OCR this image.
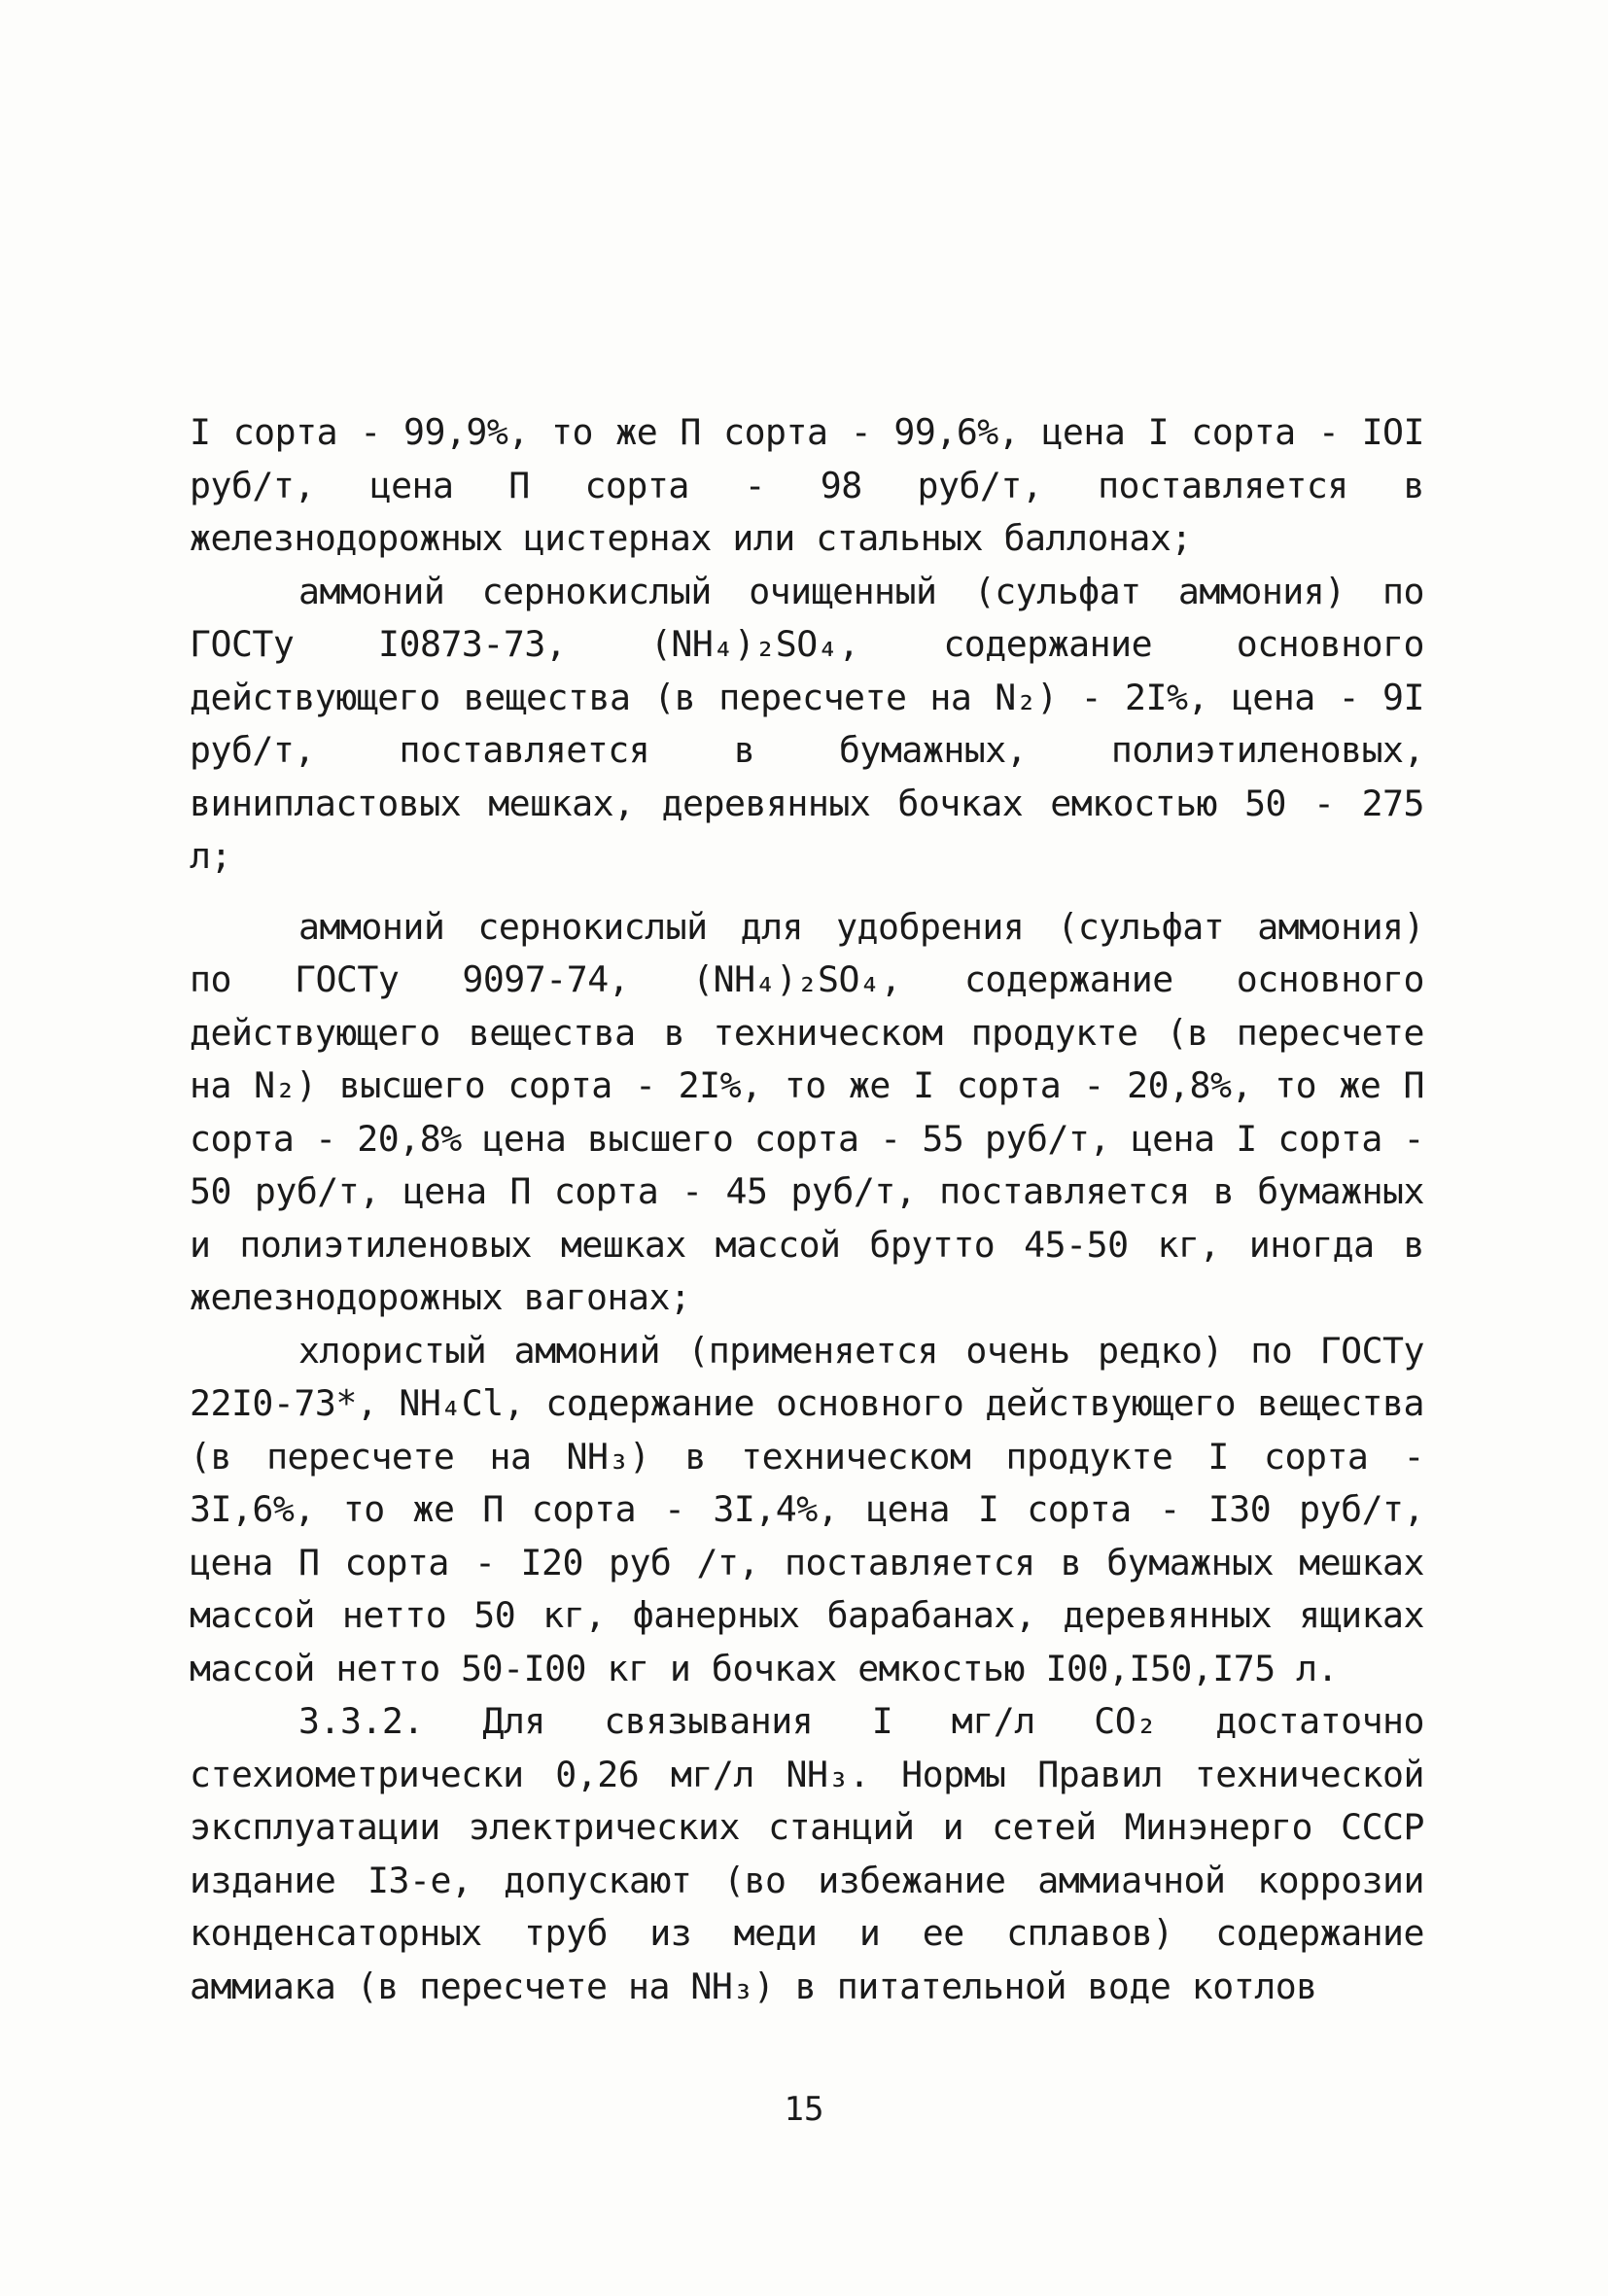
I сорта - 99,9%, то же П сорта - 99,6%, цена I сорта - IOI руб/т, цена П сорта - 98 руб/т, поставляется в железнодорожных цистернах или стальных баллонах;

аммоний сернокислый очищенный (сульфат аммония) по ГОСТу I0873-73, (NH₄)₂SO₄, содержание основного действующего вещества (в пересчете на N₂) - 2I%, цена - 9I руб/т, поставляется в бумажных, полиэтиленовых, винипластовых мешках, деревянных бочках емкостью 50 - 275 л;

аммоний сернокислый для удобрения (сульфат аммония) по ГОСТу 9097-74, (NH₄)₂SO₄, содержание основного действующего вещества в техническом продукте (в пересчете на N₂) высшего сорта - 2I%, то же I сорта - 20,8%, то же П сорта - 20,8% цена высшего сорта - 55 руб/т, цена I сорта - 50 руб/т, цена П сорта - 45 руб/т, поставляется в бумажных и полиэтиленовых мешках массой брутто 45-50 кг, иногда в железнодорожных вагонах;

хлористый аммоний (применяется очень редко) по ГОСТу 22I0-73*, NH₄Cl, содержание основного действующего вещества (в пересчете на NH₃) в техническом продукте I сорта - 3I,6%, то же П сорта - 3I,4%, цена I сорта - I30 руб/т, цена П сорта - I20 руб /т, поставляется в бумажных мешках массой нетто 50 кг, фанерных барабанах, деревянных ящиках массой нетто 50-I00 кг и бочках емкостью I00,I50,I75 л.

3.3.2. Для связывания I мг/л CO₂ достаточно стехиометрически 0,26 мг/л NH₃. Нормы Правил технической эксплуатации электрических станций и сетей Минэнерго СССР издание I3-е, допускают (во избежание аммиачной коррозии конденсаторных труб из меди и ее сплавов) содержание аммиака (в пересчете на NH₃) в питательной воде котлов

15
